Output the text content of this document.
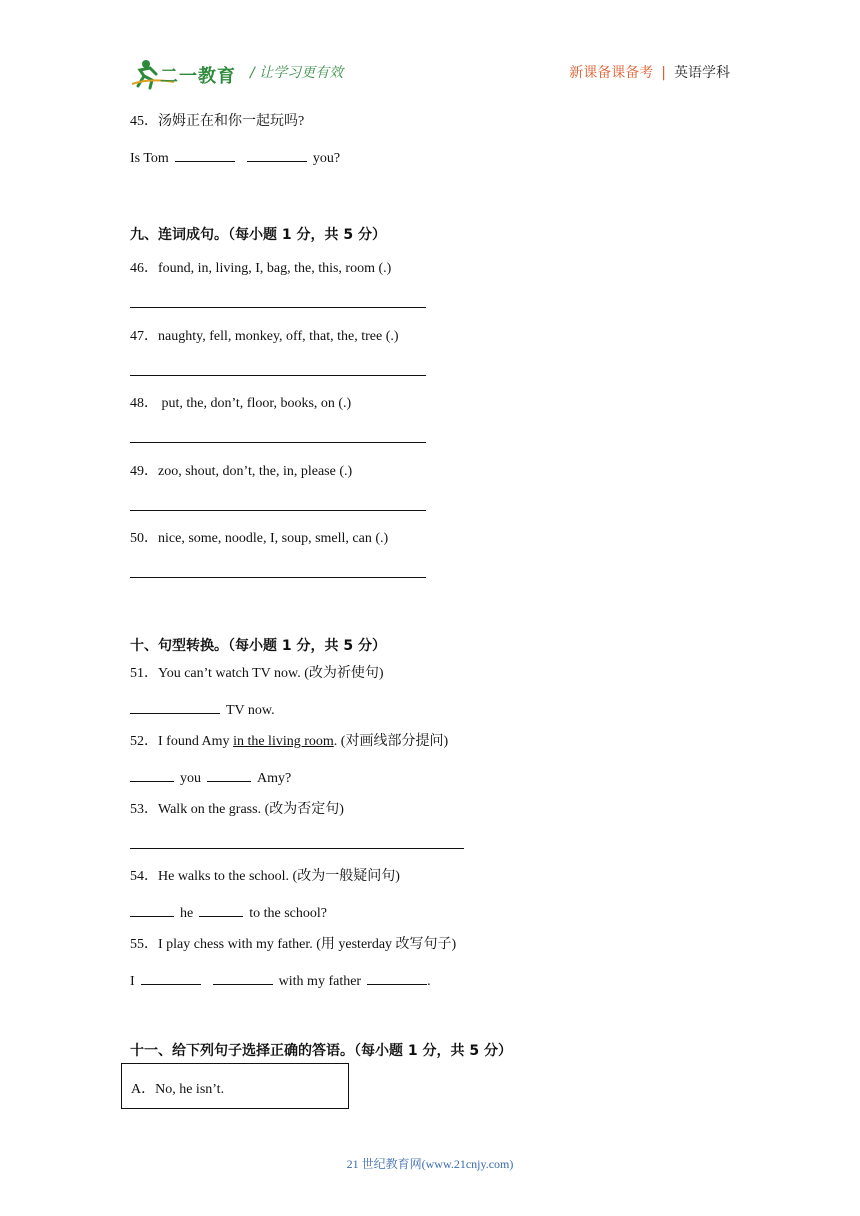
二一教育 / 让学习更有效	新课备课备考 | 英语学科
45．汤姆正在和你一起玩吗?
Is Tom	you?
九、连词成句。（每小题 1 分，共 5 分）
46．found, in, living, I, bag, the, this, room (.)
47．naughty, fell, monkey, off, that, the, tree (.)
48． put, the, don’t, floor, books, on (.)
49．zoo, shout, don’t, the, in, please (.)
50．nice, some, noodle, I, soup, smell, can (.)
十、句型转换。（每小题 1 分，共 5 分）
51．You can’t watch TV now. (改为祈使句)
TV now.
52．I found Amy in the living room. (对画线部分提问)
you	Amy?
53．Walk on the grass. (改为否定句)
54．He walks to the school. (改为一般疑问句)
he	to the school?
55．I play chess with my father. (用 yesterday 改写句子)
I	with my father	.
十一、给下列句子选择正确的答语。（每小题 1 分，共 5 分）
A．No, he isn’t.
21 世纪教育网(www.21cnjy.com)
